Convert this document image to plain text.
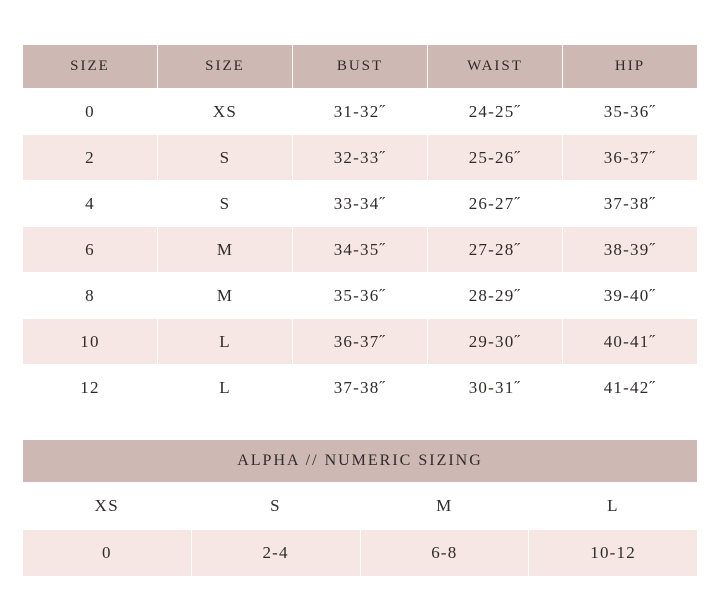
SIZE	SIZE	BUST	WAIST	HIP
0	XS	31-32˝	24-25˝	35-36˝
2	S	32-33˝	25-26˝	36-37˝
4	S	33-34˝	26-27˝	37-38˝
6	M	34-35˝	27-28˝	38-39˝
8	M	35-36˝	28-29˝	39-40˝
10	L	36-37˝	29-30˝	40-41˝
12	L	37-38˝	30-31˝	41-42˝
ALPHA // NUMERIC SIZING			
XS	S	M	L
0	2-4	6-8	10-12
